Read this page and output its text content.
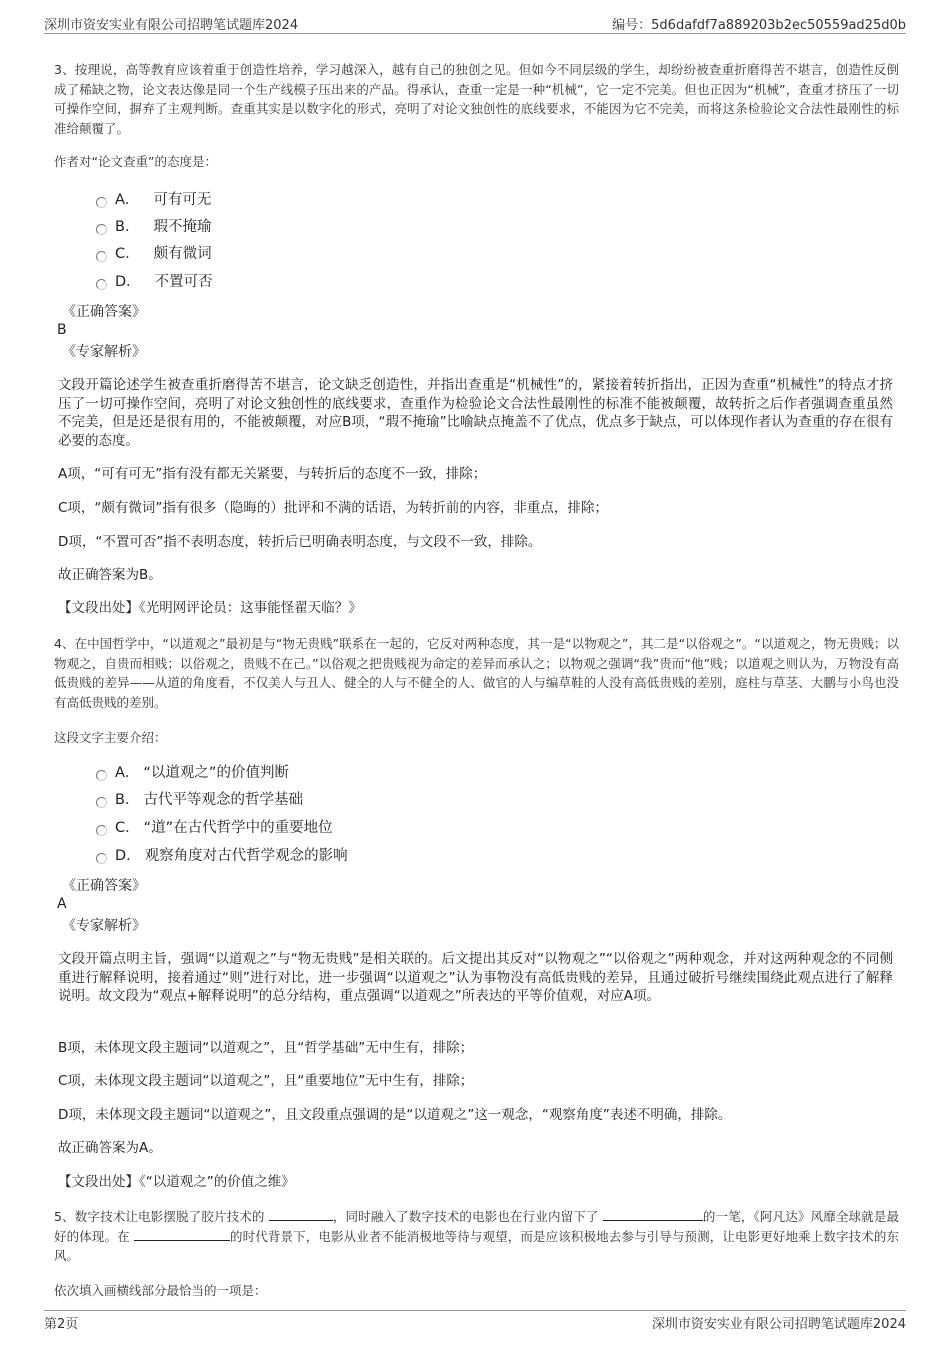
深圳市资安实业有限公司招聘笔试题库2024	编号：5d6dafdf7a889203b2ec50559ad25d0b
3、按理说，高等教育应该着重于创造性培养，学习越深入，越有自己的独创之见。但如今不同层级的学生，却纷纷被查重折磨得苦不堪言，创造性反倒成了稀缺之物，论文表达像是同一个生产线模子压出来的产品。得承认，查重一定是一种“机械”，它一定不完美。但也正因为“机械”，查重才挤压了一切可操作空间，摒弃了主观判断。查重其实是以数字化的形式，亮明了对论文独创性的底线要求，不能因为它不完美，而将这条检验论文合法性最刚性的标准给颠覆了。
作者对“论文查重”的态度是：
A． 可有可无
B． 瑕不掩瑜
C． 颇有微词
D． 不置可否
《正确答案》
B
《专家解析》
文段开篇论述学生被查重折磨得苦不堪言，论文缺乏创造性，并指出查重是“机械性”的，紧接着转折指出，正因为查重“机械性”的特点才挤压了一切可操作空间，亮明了对论文独创性的底线要求，查重作为检验论文合法性最刚性的标准不能被颠覆，故转折之后作者强调查重虽然不完美，但是还是很有用的，不能被颠覆，对应B项，“瑕不掩瑜”比喻缺点掩盖不了优点，优点多于缺点，可以体现作者认为查重的存在很有必要的态度。
A项，“可有可无”指有没有都无关紧要，与转折后的态度不一致，排除；
C项，“颇有微词”指有很多（隐晦的）批评和不满的话语，为转折前的内容，非重点，排除；
D项，“不置可否”指不表明态度，转折后已明确表明态度，与文段不一致，排除。
故正确答案为B。
【文段出处】《光明网评论员：这事能怪翟天临？》
4、在中国哲学中，“以道观之”最初是与“物无贵贱”联系在一起的，它反对两种态度，其一是“以物观之”，其二是“以俗观之”。“以道观之，物无贵贱；以物观之，自贵而相贱；以俗观之，贵贱不在己。”以俗观之把贵贱视为命定的差异而承认之；以物观之强调“我”贵而“他”贱；以道观之则认为，万物没有高低贵贱的差异——从道的角度看，不仅美人与丑人、健全的人与不健全的人、做官的人与编草鞋的人没有高低贵贱的差别，庭柱与草茎、大鹏与小鸟也没有高低贵贱的差别。
这段文字主要介绍：
A． “以道观之”的价值判断
B． 古代平等观念的哲学基础
C． “道”在古代哲学中的重要地位
D． 观察角度对古代哲学观念的影响
《正确答案》
A
《专家解析》
文段开篇点明主旨，强调“以道观之”与“物无贵贱”是相关联的。后文提出其反对“以物观之”“以俗观之”两种观念，并对这两种观念的不同侧重进行解释说明，接着通过“则”进行对比，进一步强调“以道观之”认为事物没有高低贵贱的差异，且通过破折号继续围绕此观点进行了解释说明。故文段为“观点+解释说明”的总分结构，重点强调“以道观之”所表达的平等价值观，对应A项。
B项，未体现文段主题词“以道观之”，且“哲学基础”无中生有，排除；
C项，未体现文段主题词“以道观之”，且“重要地位”无中生有，排除；
D项，未体现文段主题词“以道观之”，且文段重点强调的是“以道观之”这一观念，“观察角度”表述不明确，排除。
故正确答案为A。
【文段出处】《“以道观之”的价值之维》
5、数字技术让电影摆脱了胶片技术的	，同时融入了数字技术的电影也在行业内留下了	的一笔，《阿凡达》风靡全球就是最好的体现。在	的时代背景下，电影从业者不能消极地等待与观望，而是应该积极地去参与引导与预测，让电影更好地乘上数字技术的东风。
依次填入画横线部分最恰当的一项是：
第2页	深圳市资安实业有限公司招聘笔试题库2024
